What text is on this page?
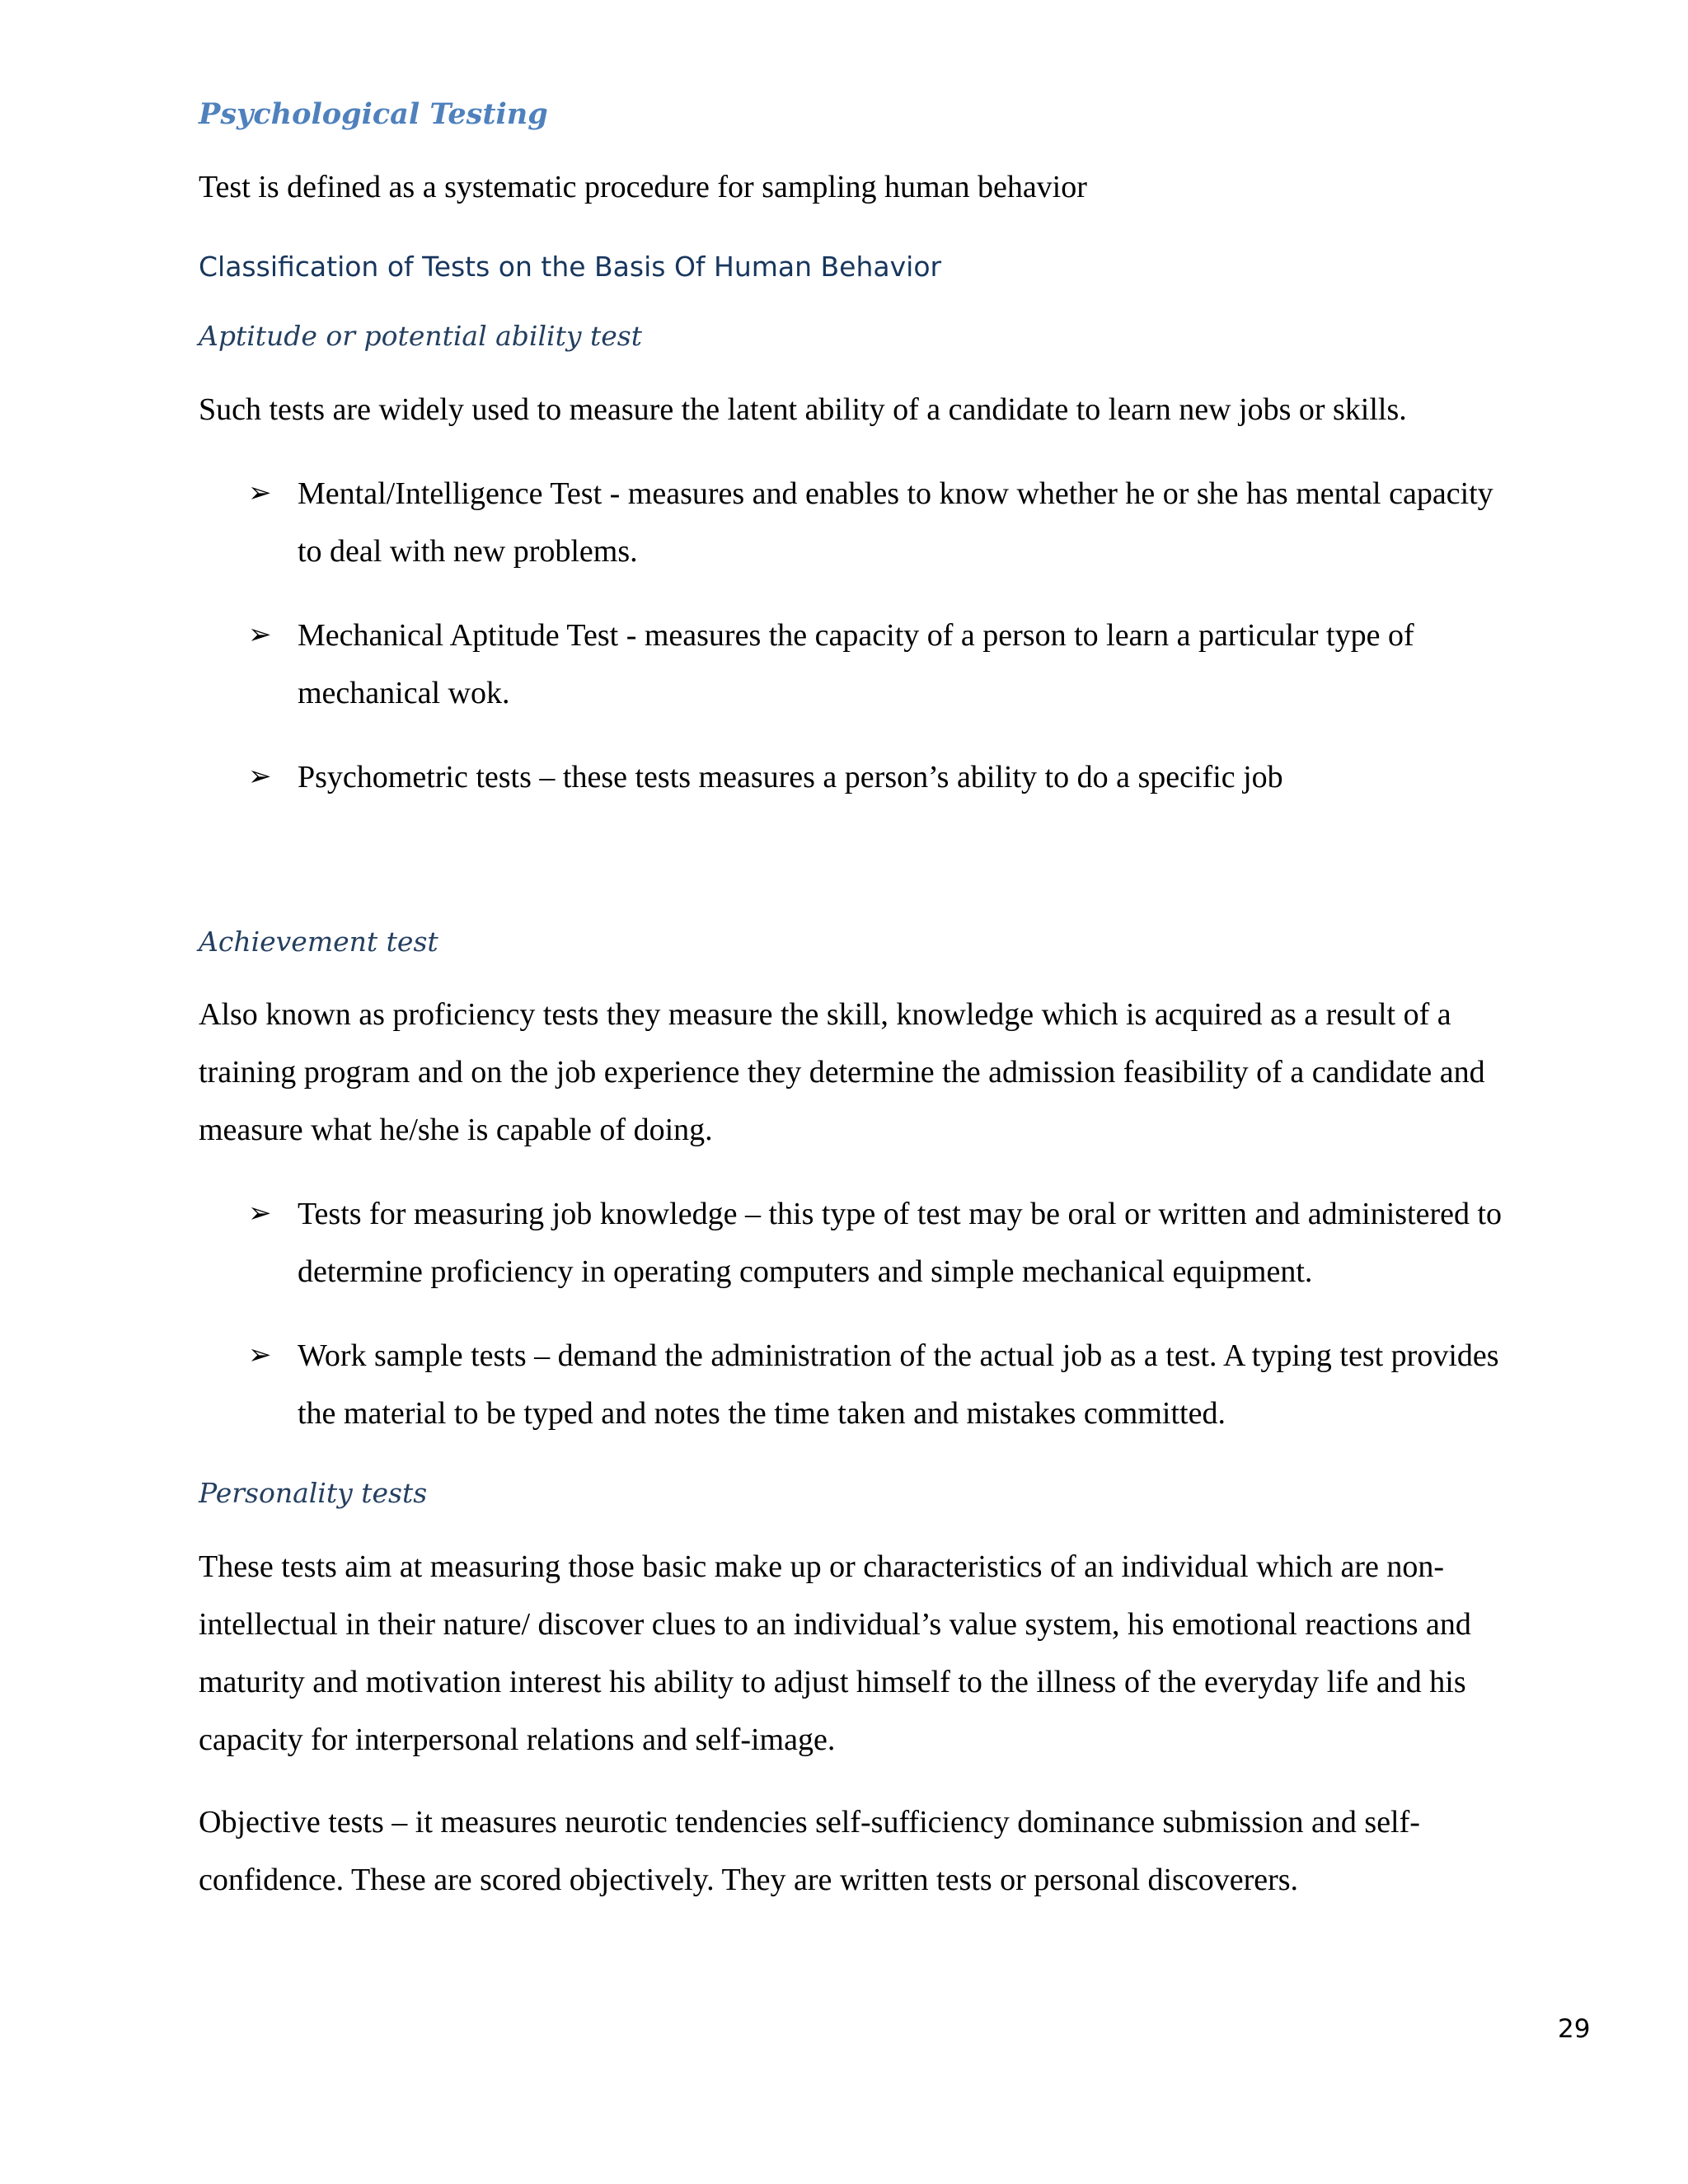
Psychological Testing
Test is defined as a systematic procedure for sampling human behavior
Classification of Tests on the Basis Of Human Behavior
Aptitude or potential ability test
Such tests are widely used to measure the latent ability of a candidate to learn new jobs or skills.
➢ Mental/Intelligence Test - measures and enables to know whether he or she has mental capacity
to deal with new problems.
➢ Mechanical Aptitude Test - measures the capacity of a person to learn a particular type of
mechanical wok.
➢ Psychometric tests – these tests measures a person’s ability to do a specific job
Achievement test
Also known as proficiency tests they measure the skill, knowledge which is acquired as a result of a
training program and on the job experience they determine the admission feasibility of a candidate and
measure what he/she is capable of doing.
➢ Tests for measuring job knowledge – this type of test may be oral or written and administered to
determine proficiency in operating computers and simple mechanical equipment.
➢ Work sample tests – demand the administration of the actual job as a test. A typing test provides
the material to be typed and notes the time taken and mistakes committed.
Personality tests
These tests aim at measuring those basic make up or characteristics of an individual which are non-
intellectual in their nature/ discover clues to an individual’s value system, his emotional reactions and
maturity and motivation interest his ability to adjust himself to the illness of the everyday life and his
capacity for interpersonal relations and self-image.
Objective tests – it measures neurotic tendencies self-sufficiency dominance submission and self-
confidence. These are scored objectively. They are written tests or personal discoverers.
29
